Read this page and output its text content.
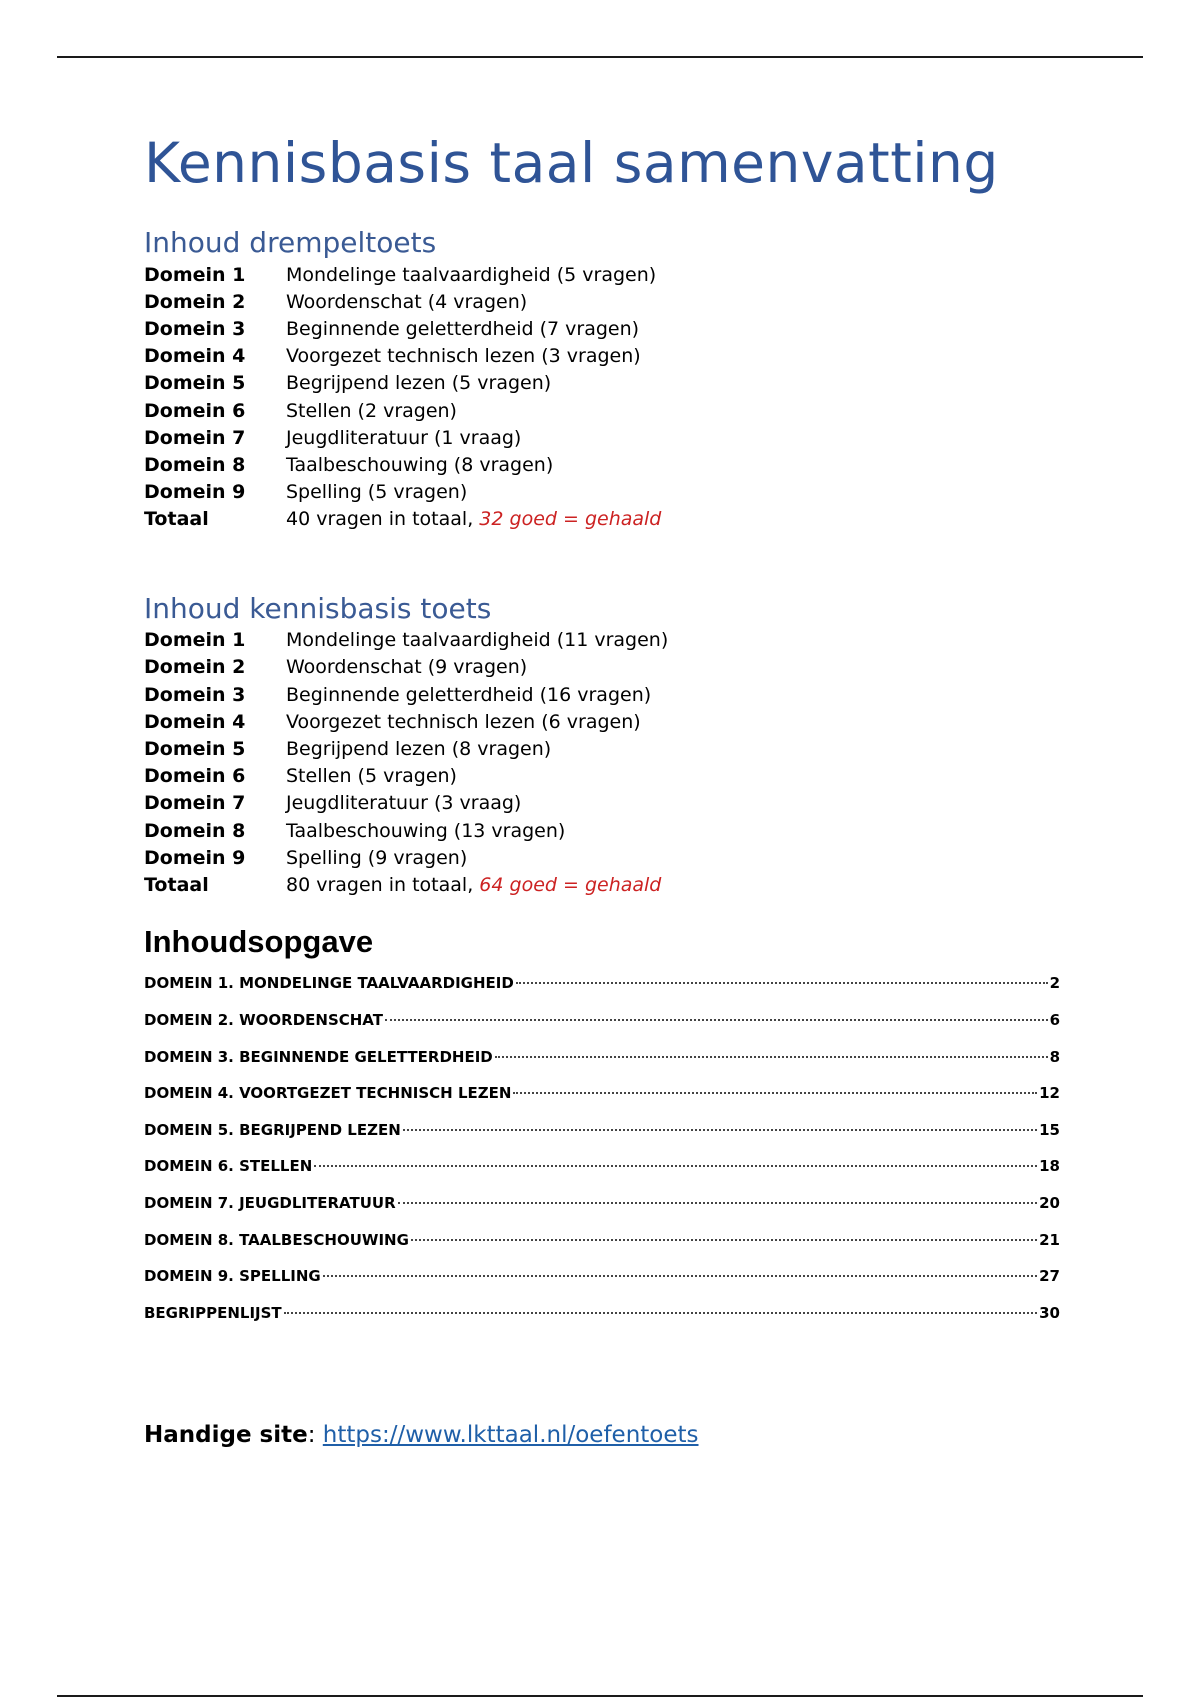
Kennisbasis taal samenvatting
Inhoud drempeltoets
Domein 1	Mondelinge taalvaardigheid (5 vragen)
Domein 2	Woordenschat (4 vragen)
Domein 3	Beginnende geletterdheid (7 vragen)
Domein 4	Voorgezet technisch lezen (3 vragen)
Domein 5	Begrijpend lezen (5 vragen)
Domein 6	Stellen (2 vragen)
Domein 7	Jeugdliteratuur (1 vraag)
Domein 8	Taalbeschouwing (8 vragen)
Domein 9	Spelling (5 vragen)
Totaal	40 vragen in totaal, 32 goed = gehaald
Inhoud kennisbasis toets
Domein 1	Mondelinge taalvaardigheid (11 vragen)
Domein 2	Woordenschat (9 vragen)
Domein 3	Beginnende geletterdheid (16 vragen)
Domein 4	Voorgezet technisch lezen (6 vragen)
Domein 5	Begrijpend lezen (8 vragen)
Domein 6	Stellen (5 vragen)
Domein 7	Jeugdliteratuur (3 vraag)
Domein 8	Taalbeschouwing (13 vragen)
Domein 9	Spelling (9 vragen)
Totaal	80 vragen in totaal, 64 goed = gehaald
Inhoudsopgave
DOMEIN 1. MONDELINGE TAALVAARDIGHEID	2
DOMEIN 2. WOORDENSCHAT	6
DOMEIN 3. BEGINNENDE GELETTERDHEID	8
DOMEIN 4. VOORTGEZET TECHNISCH LEZEN	12
DOMEIN 5. BEGRIJPEND LEZEN	15
DOMEIN 6. STELLEN	18
DOMEIN 7. JEUGDLITERATUUR	20
DOMEIN 8. TAALBESCHOUWING	21
DOMEIN 9. SPELLING	27
BEGRIPPENLIJST	30
Handige site: https://www.lkttaal.nl/oefentoets
